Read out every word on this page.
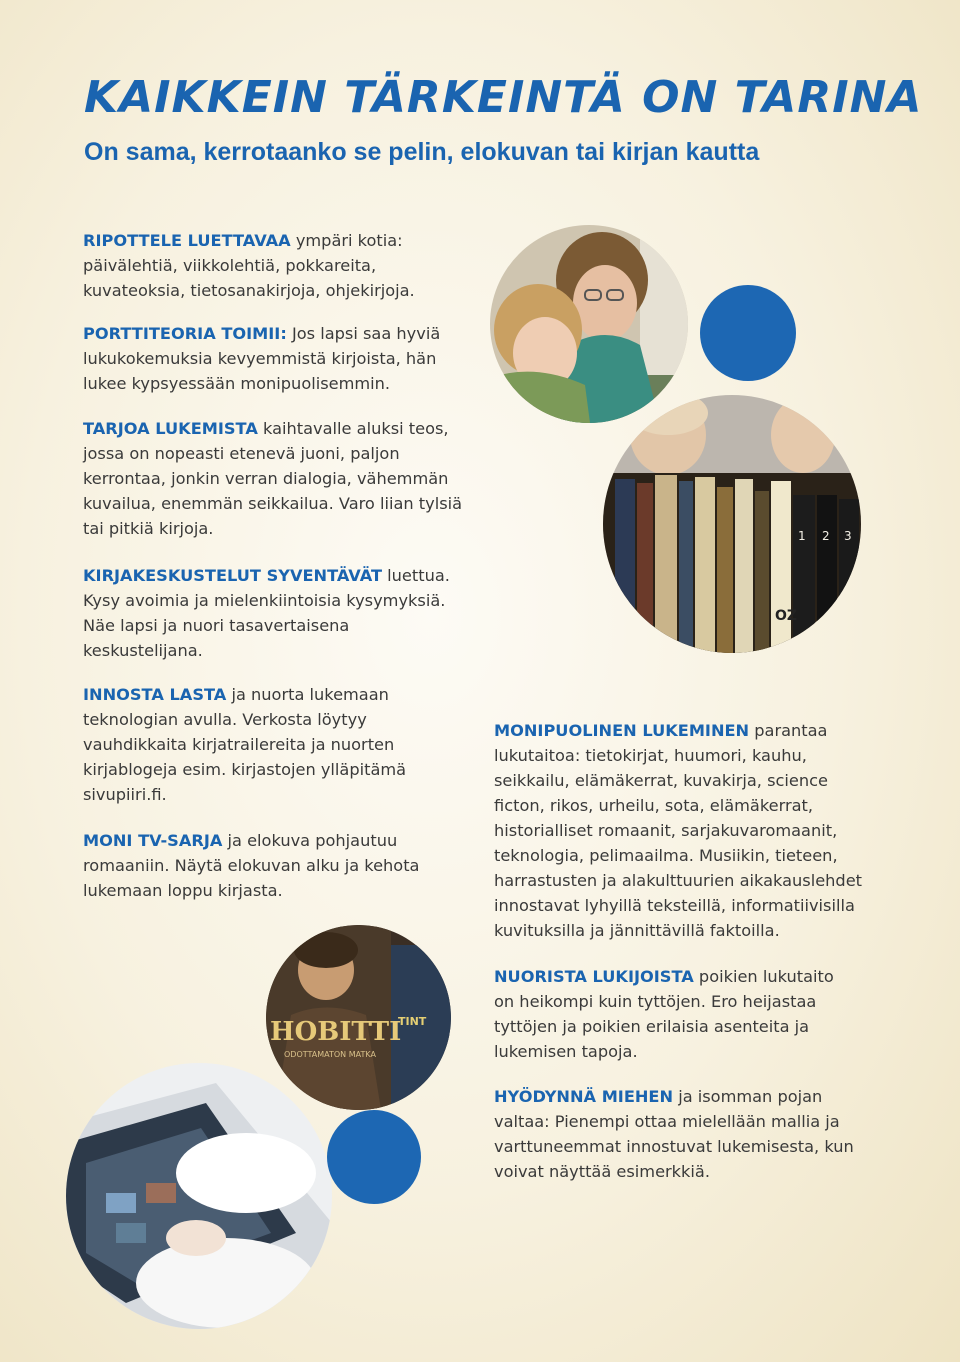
KAIKKEIN TÄRKEINTÄ ON TARINA
On sama, kerrotaanko se pelin, elokuvan tai kirjan kautta

RIPOTTELE LUETTAVAA ympäri kotia: päivälehtiä, viikkolehtiä, pokkareita, kuvateoksia, tietosanakirjoja, ohjekirjoja.

PORTTITEORIA TOIMII: Jos lapsi saa hyviä lukukokemuksia kevyemmistä kirjoista, hän lukee kypsyessään monipuolisemmin.

TARJOA LUKEMISTA kaihtavalle aluksi teos, jossa on nopeasti etenevä juoni, paljon kerrontaa, jonkin verran dialogia, vähemmän kuvailua, enemmän seikkailua. Varo liian tylsiä tai pitkiä kirjoja.

KIRJAKESKUSTELUT SYVENTÄVÄT luettua. Kysy avoimia ja mielenkiintoisia kysymyksiä. Näe lapsi ja nuori tasavertaisena keskustelijana.

INNOSTA LASTA ja nuorta lukemaan teknologian avulla. Verkosta löytyy vauhdikkaita kirjatrailereita ja nuorten kirjablogeja esim. kirjastojen ylläpitämä sivupiiri.fi.

MONI TV-SARJA ja elokuva pohjautuu romaaniin. Näytä elokuvan alku ja kehota lukemaan loppu kirjasta.

MONIPUOLINEN LUKEMINEN parantaa lukutaitoa: tietokirjat, huumori, kauhu, seikkailu, elämäkerrat, kuvakirja, science ficton, rikos, urheilu, sota, elämäkerrat, historialliset romaanit, sarjakuvaromaanit, teknologia, pelimaailma. Musiikin, tieteen, harrastusten ja alakulttuurien aikakauslehdet innostavat lyhyillä teksteillä, informatiivisilla kuvituksilla ja jännittävillä faktoilla.

NUORISTA LUKIJOISTA poikien lukutaito on heikompi kuin tyttöjen. Ero heijastaa tyttöjen ja poikien erilaisia asenteita ja lukemisen tapoja.

HYÖDYNNÄ MIEHEN ja isomman pojan valtaa: Pienempi ottaa mielellään mallia ja varttuneemmat innostuvat lukemisesta, kun voivat näyttää esimerkkiä.

1 2 3
OZ
TINT
HOBITTI
ODOTTAMATON MATKA
